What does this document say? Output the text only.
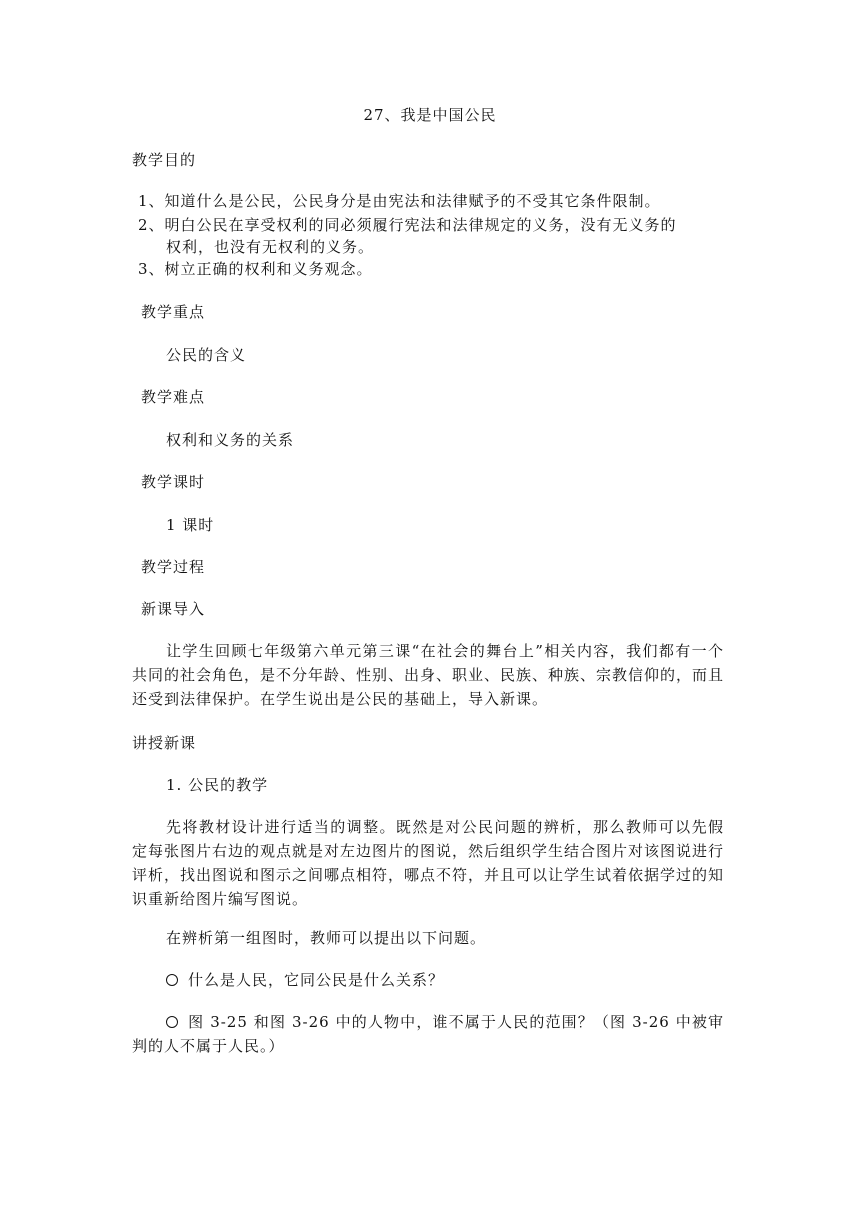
27、我是中国公民
教学目的
1、知道什么是公民，公民身分是由宪法和法律赋予的不受其它条件限制。
2、明白公民在享受权利的同必须履行宪法和法律规定的义务，没有无义务的
权利，也没有无权利的义务。
3、树立正确的权利和义务观念。
教学重点
公民的含义
教学难点
权利和义务的关系
教学课时
1 课时
教学过程
新课导入
让学生回顾七年级第六单元第三课“在社会的舞台上”相关内容，我们都有一个共同的社会角色，是不分年龄、性别、出身、职业、民族、种族、宗教信仰的，而且还受到法律保护。在学生说出是公民的基础上，导入新课。
讲授新课
1. 公民的教学
先将教材设计进行适当的调整。既然是对公民问题的辨析，那么教师可以先假定每张图片右边的观点就是对左边图片的图说，然后组织学生结合图片对该图说进行评析，找出图说和图示之间哪点相符，哪点不符，并且可以让学生试着依据学过的知识重新给图片编写图说。
在辨析第一组图时，教师可以提出以下问题。
什么是人民，它同公民是什么关系？
图 3-25 和图 3-26 中的人物中，谁不属于人民的范围？（图 3-26 中被审判的人不属于人民。）
